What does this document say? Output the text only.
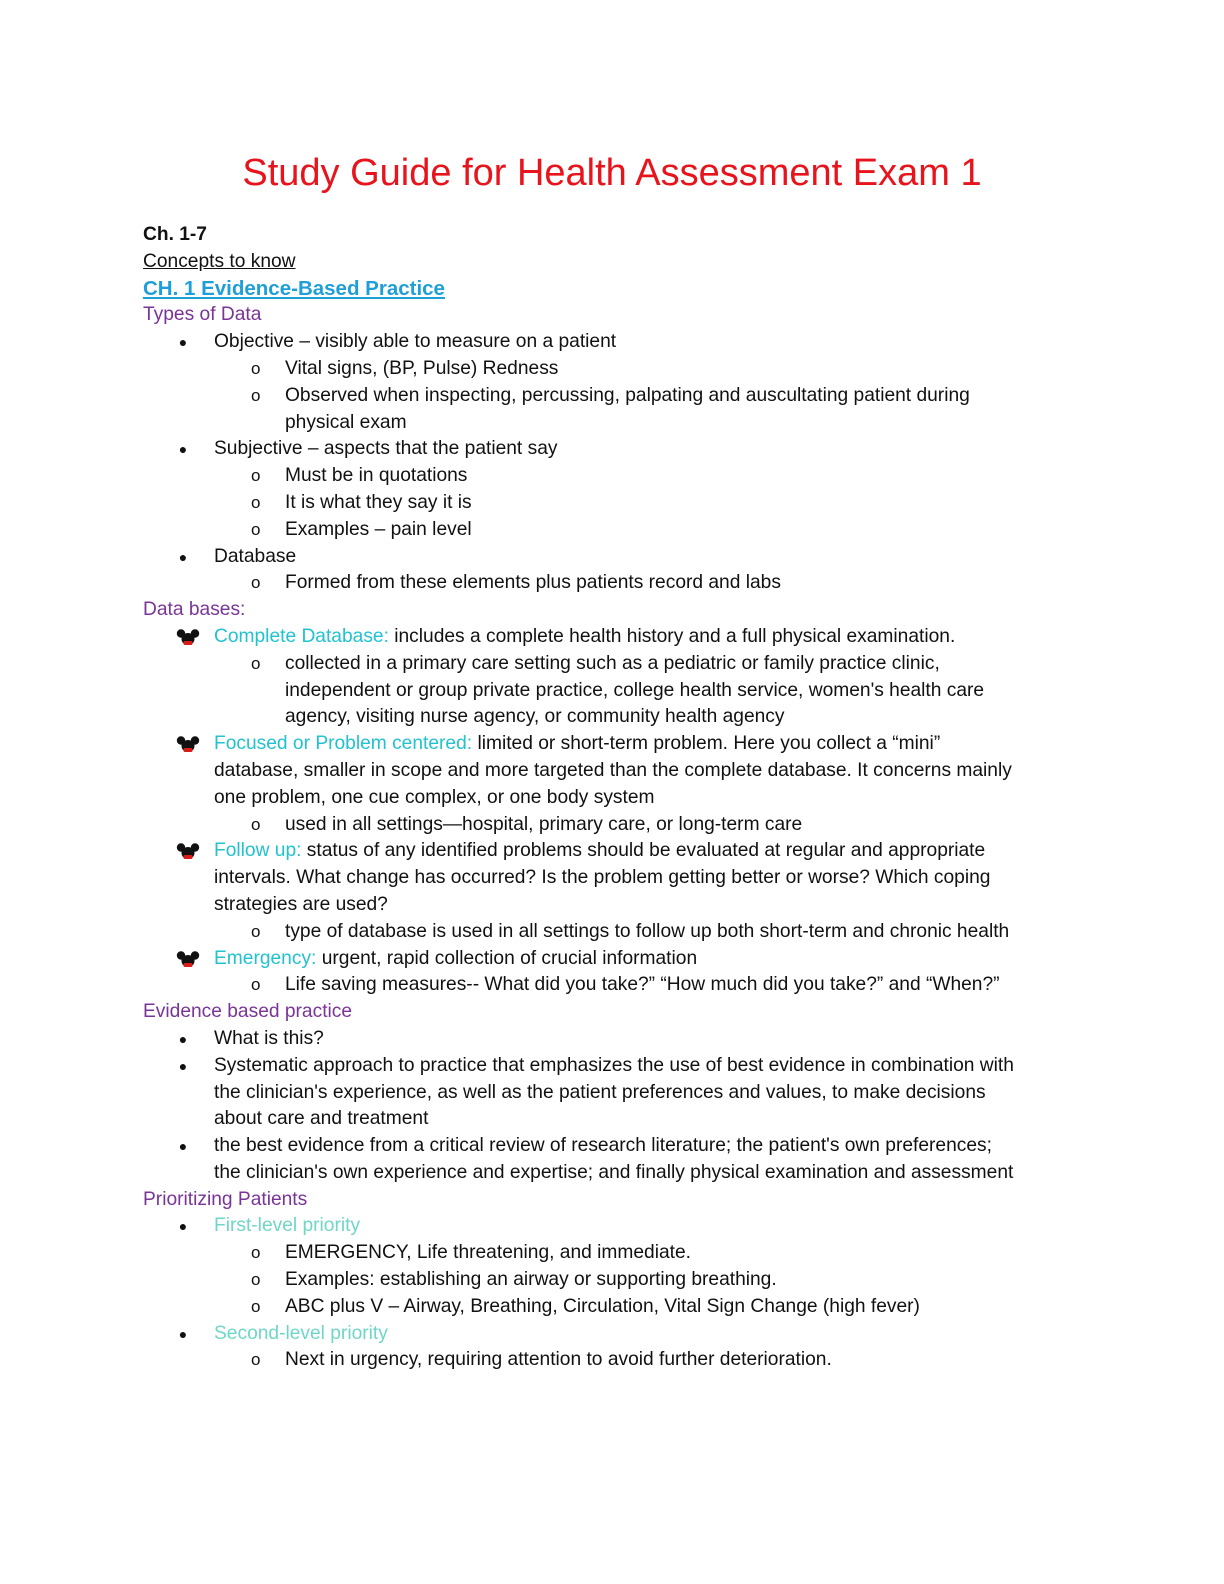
Study Guide for Health Assessment Exam 1
Ch. 1-7
Concepts to know
CH. 1 Evidence-Based Practice
Types of Data
● Objective – visibly able to measure on a patient
o Vital signs, (BP, Pulse) Redness
o Observed when inspecting, percussing, palpating and auscultating patient during
physical exam
● Subjective – aspects that the patient say
o Must be in quotations
o It is what they say it is
o Examples – pain level
● Database
o Formed from these elements plus patients record and labs
Data bases:
Complete Database: includes a complete health history and a full physical examination.
o collected in a primary care setting such as a pediatric or family practice clinic,
independent or group private practice, college health service, women's health care
agency, visiting nurse agency, or community health agency
Focused or Problem centered: limited or short-term problem. Here you collect a “mini”
database, smaller in scope and more targeted than the complete database. It concerns mainly
one problem, one cue complex, or one body system
o used in all settings—hospital, primary care, or long-term care
Follow up: status of any identified problems should be evaluated at regular and appropriate
intervals. What change has occurred? Is the problem getting better or worse? Which coping
strategies are used?
o type of database is used in all settings to follow up both short-term and chronic health
Emergency: urgent, rapid collection of crucial information
o Life saving measures-- What did you take?” “How much did you take?” and “When?”
Evidence based practice
● What is this?
● Systematic approach to practice that emphasizes the use of best evidence in combination with
the clinician's experience, as well as the patient preferences and values, to make decisions
about care and treatment
● the best evidence from a critical review of research literature; the patient's own preferences;
the clinician's own experience and expertise; and finally physical examination and assessment
Prioritizing Patients
● First-level priority
o EMERGENCY, Life threatening, and immediate.
o Examples: establishing an airway or supporting breathing.
o ABC plus V – Airway, Breathing, Circulation, Vital Sign Change (high fever)
● Second-level priority
o Next in urgency, requiring attention to avoid further deterioration.
